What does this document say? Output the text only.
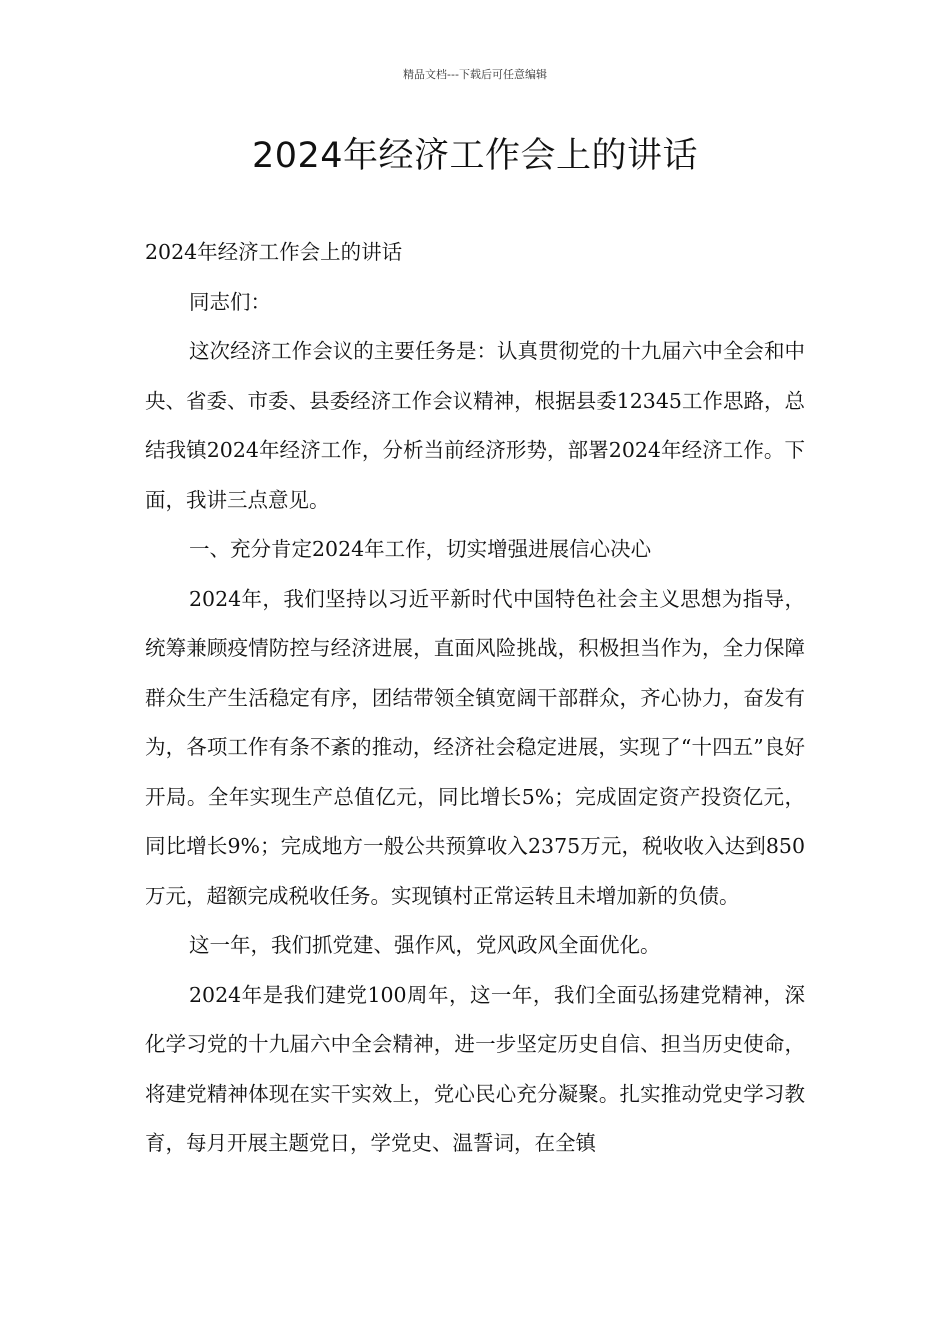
精品文档---下载后可任意编辑
2024年经济工作会上的讲话

2024年经济工作会上的讲话

同志们：

这次经济工作会议的主要任务是：认真贯彻党的十九届六中全会和中央、省委、市委、县委经济工作会议精神，根据县委12345工作思路，总结我镇2024年经济工作，分析当前经济形势，部署2024年经济工作。下面，我讲三点意见。

一、充分肯定2024年工作，切实增强进展信心决心

2024年，我们坚持以习近平新时代中国特色社会主义思想为指导，统筹兼顾疫情防控与经济进展，直面风险挑战，积极担当作为，全力保障群众生产生活稳定有序，团结带领全镇宽阔干部群众，齐心协力，奋发有为，各项工作有条不紊的推动，经济社会稳定进展，实现了“十四五”良好开局。全年实现生产总值亿元，同比增长5%；完成固定资产投资亿元，同比增长9%；完成地方一般公共预算收入2375万元，税收收入达到850万元，超额完成税收任务。实现镇村正常运转且未增加新的负债。

这一年，我们抓党建、强作风，党风政风全面优化。

2024年是我们建党100周年，这一年，我们全面弘扬建党精神，深化学习党的十九届六中全会精神，进一步坚定历史自信、担当历史使命，将建党精神体现在实干实效上，党心民心充分凝聚。扎实推动党史学习教育，每月开展主题党日，学党史、温誓词，在全镇
